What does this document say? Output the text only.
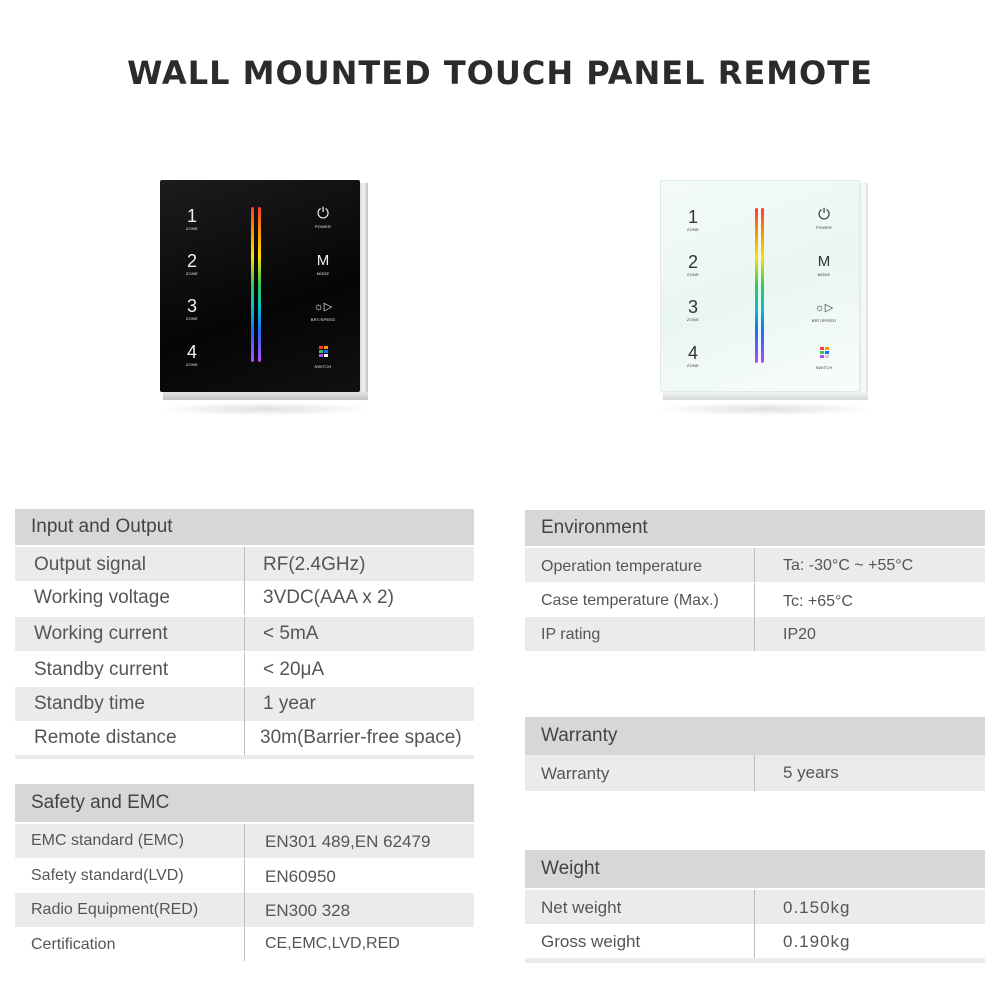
WALL MOUNTED TOUCH PANEL REMOTE
1
ZONE
2
ZONE
3
ZONE
4
ZONE
⏻
POWER
M
MODE
☼▷
BRT/SPEED
SWITCH
1
ZONE
2
ZONE
3
ZONE
4
ZONE
⏻
POWER
M
MODE
☼▷
BRT/SPEED
SWITCH
Input and Output
Output signal	RF(2.4GHz)
Working voltage	3VDC(AAA x 2)
Working current	< 5mA
Standby current	< 20μA
Standby time	1 year
Remote distance	30m(Barrier-free space)
Safety and EMC
EMC standard (EMC)	EN301 489,EN 62479
Safety standard(LVD)	EN60950
Radio Equipment(RED)	EN300 328
Certification	CE,EMC,LVD,RED
Environment
Operation temperature	Ta: -30°C ~ +55°C
Case temperature (Max.)	Tc: +65°C
IP rating	IP20
Warranty
Warranty	5 years
Weight
Net weight	0.150kg
Gross weight	0.190kg
